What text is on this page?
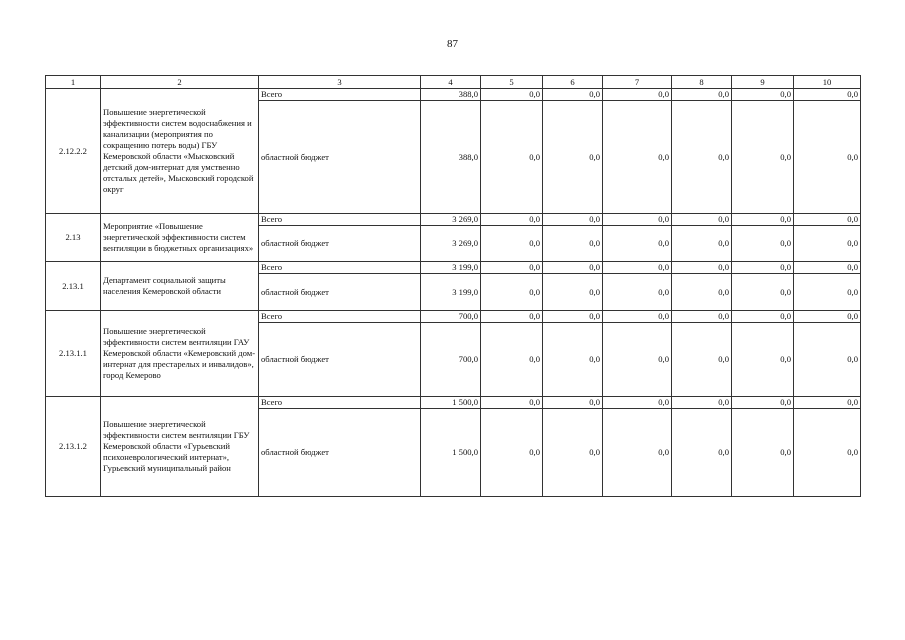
87
1	2	3	4	5	6	7	8	9	10
2.12.2.2	Повышение энергетической эффективности систем водоснабжения и канализации (мероприятия по сокращению потерь воды) ГБУ Кемеровской области «Мысковский детский дом-интернат для умственно отсталых детей», Мысковский городской округ	Всего	388,0	0,0	0,0	0,0	0,0	0,0	0,0
		областной бюджет	388,0	0,0	0,0	0,0	0,0	0,0	0,0
2.13	Мероприятие «Повышение энергетической эффективности систем вентиляции в бюджетных организациях»	Всего	3 269,0	0,0	0,0	0,0	0,0	0,0	0,0
		областной бюджет	3 269,0	0,0	0,0	0,0	0,0	0,0	0,0
2.13.1	Департамент социальной защиты населения Кемеровской области	Всего	3 199,0	0,0	0,0	0,0	0,0	0,0	0,0
		областной бюджет	3 199,0	0,0	0,0	0,0	0,0	0,0	0,0
2.13.1.1	Повышение энергетической эффективности систем вентиляции ГАУ Кемеровской области «Кемеровский дом-интернат для престарелых и инвалидов», город Кемерово	Всего	700,0	0,0	0,0	0,0	0,0	0,0	0,0
		областной бюджет	700,0	0,0	0,0	0,0	0,0	0,0	0,0
2.13.1.2	Повышение энергетической эффективности систем вентиляции ГБУ Кемеровской области «Гурьевский психоневрологический интернат», Гурьевский муниципальный район	Всего	1 500,0	0,0	0,0	0,0	0,0	0,0	0,0
		областной бюджет	1 500,0	0,0	0,0	0,0	0,0	0,0	0,0
